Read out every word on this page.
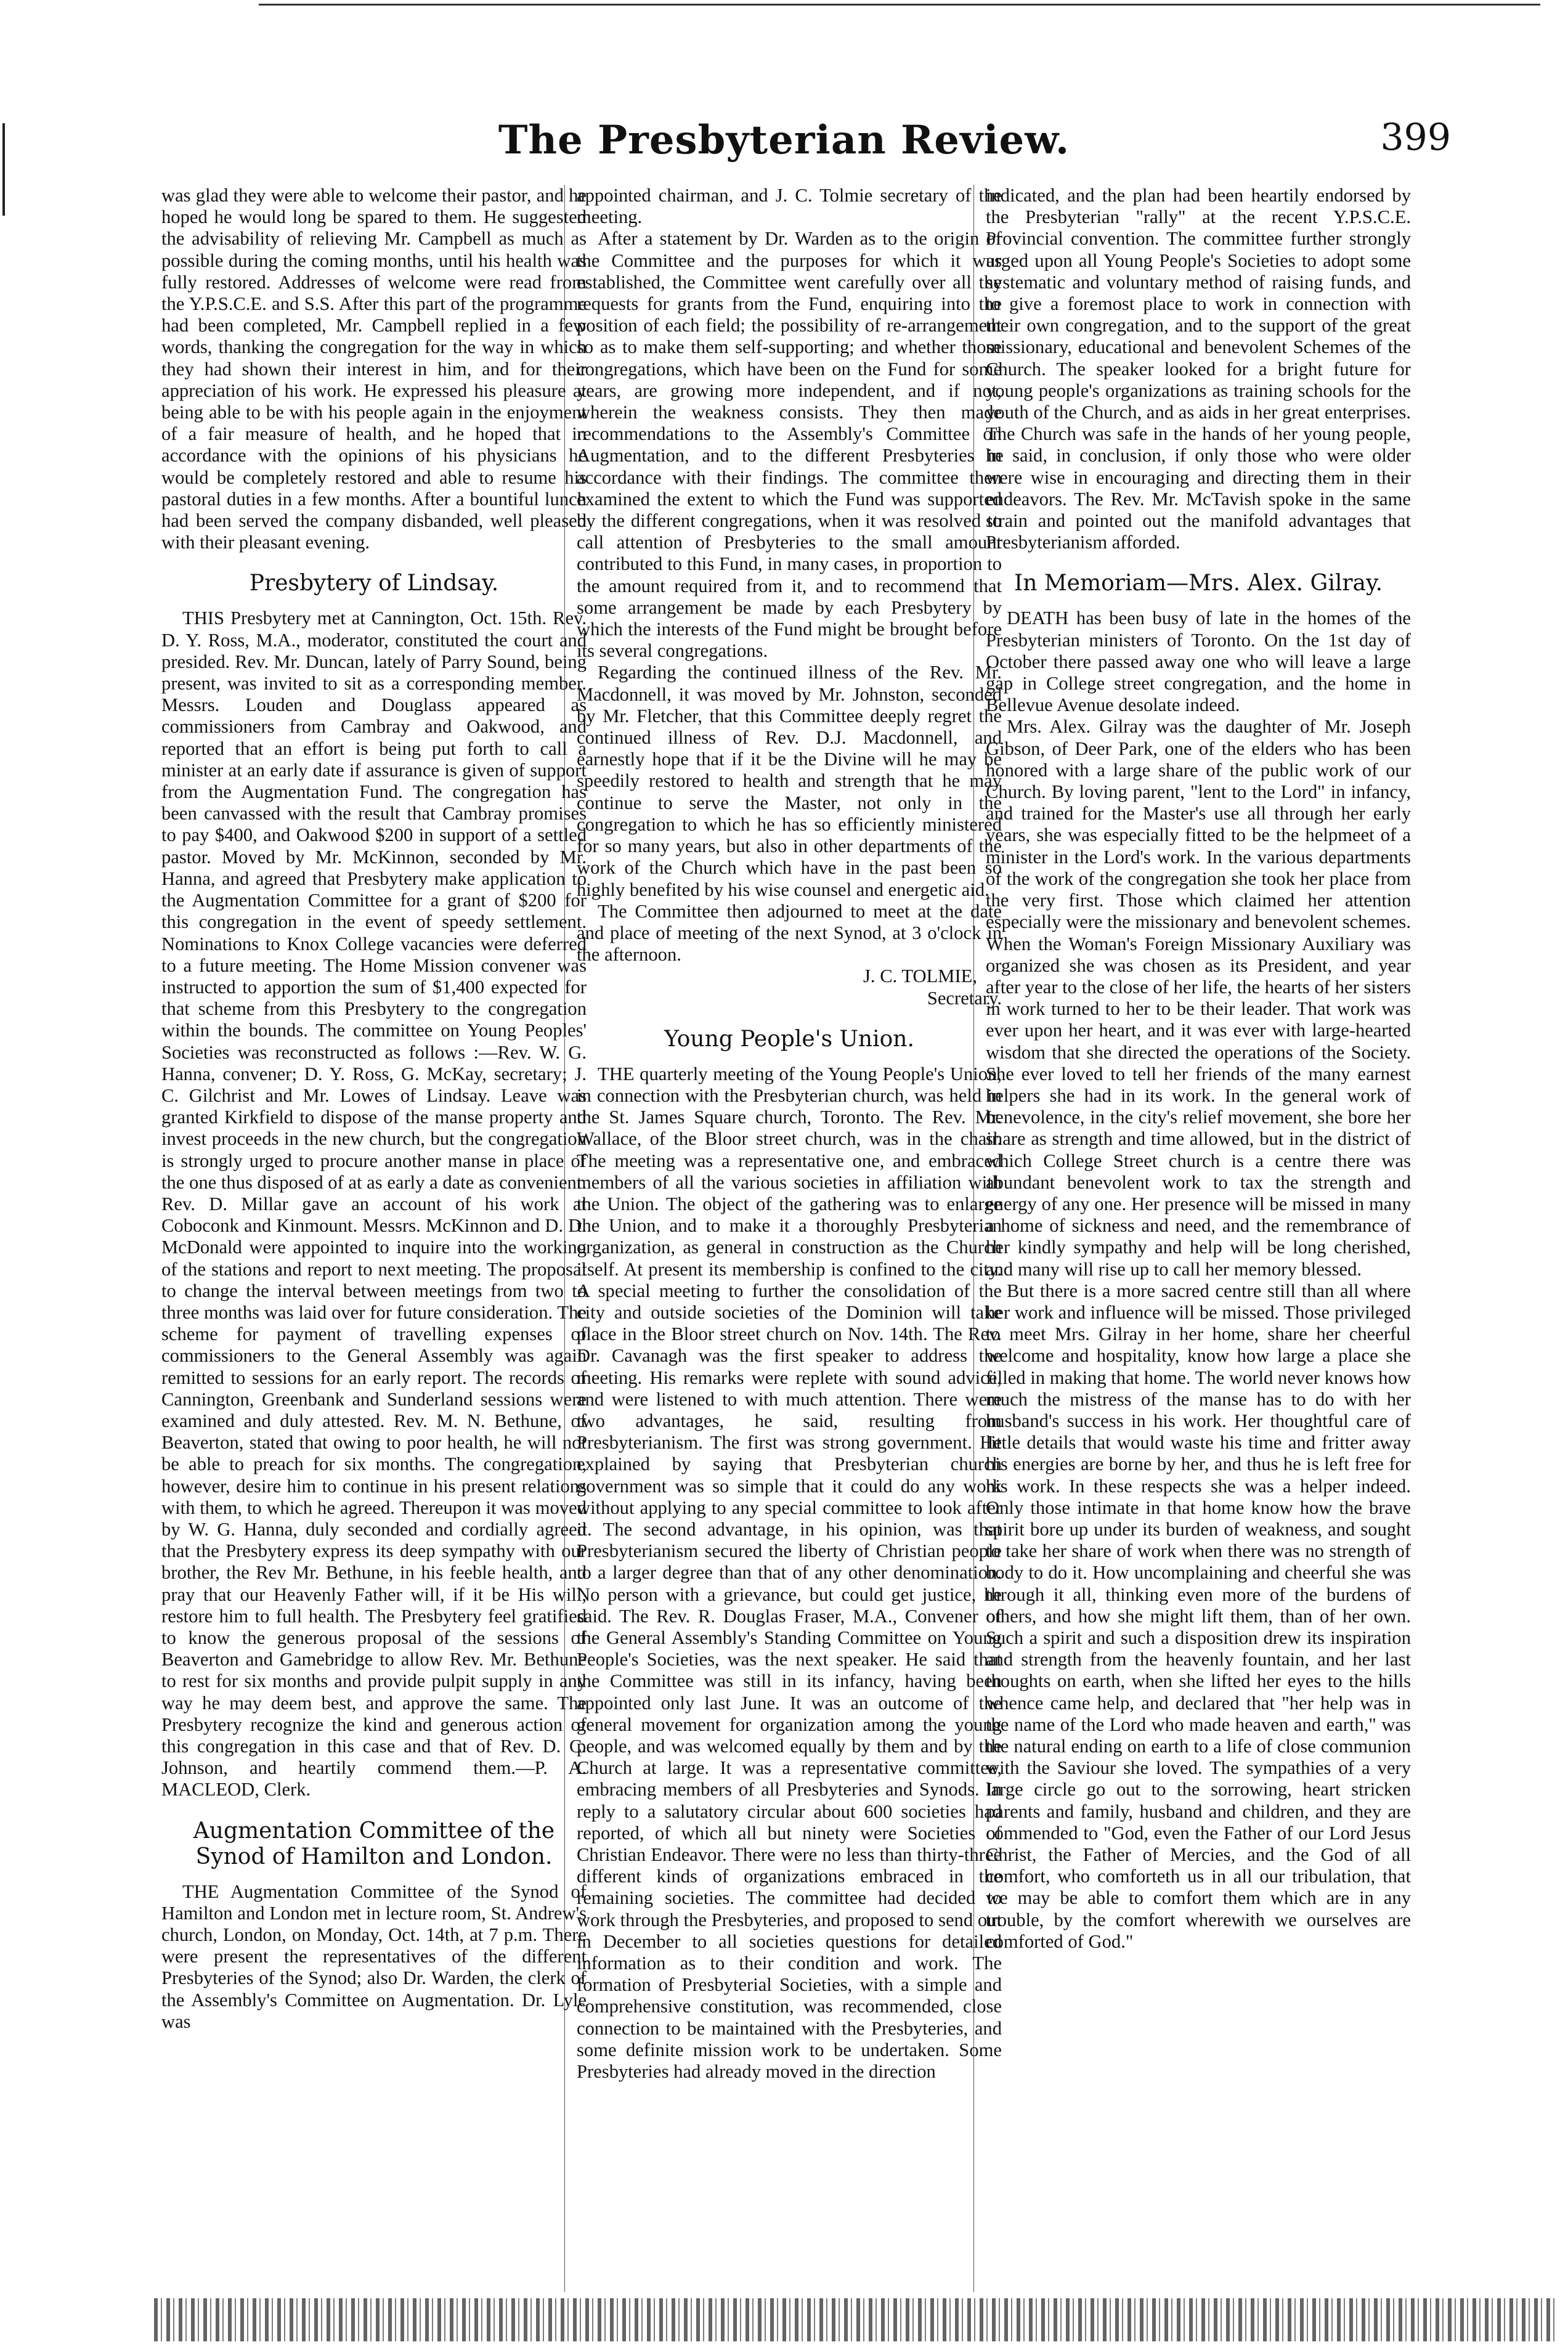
The Presbyterian Review.	399

was glad they were able to welcome their pastor, and he hoped he would long be spared to them. He suggested the advisability of relieving Mr. Campbell as much as possible during the coming months, until his health was fully restored. Addresses of welcome were read from the Y.P.S.C.E. and S.S. After this part of the programme had been completed, Mr. Campbell replied in a few words, thanking the congregation for the way in which they had shown their interest in him, and for their appreciation of his work. He expressed his pleasure at being able to be with his people again in the enjoyment of a fair measure of health, and he hoped that in accordance with the opinions of his physicians he would be completely restored and able to resume his pastoral duties in a few months. After a bountiful lunch had been served the company disbanded, well pleased with their pleasant evening.

Presbytery of Lindsay.

THIS Presbytery met at Cannington, Oct. 15th. Rev. D. Y. Ross, M.A., moderator, constituted the court and presided. Rev. Mr. Duncan, lately of Parry Sound, being present, was invited to sit as a corresponding member. Messrs. Louden and Douglass appeared as commissioners from Cambray and Oakwood, and reported that an effort is being put forth to call a minister at an early date if assurance is given of support from the Augmentation Fund. The congregation has been canvassed with the result that Cambray promises to pay $400, and Oakwood $200 in support of a settled pastor. Moved by Mr. McKinnon, seconded by Mr. Hanna, and agreed that Presbytery make application to the Augmentation Committee for a grant of $200 for this congregation in the event of speedy settlement. Nominations to Knox College vacancies were deferred to a future meeting. The Home Mission convener was instructed to apportion the sum of $1,400 expected for that scheme from this Presbytery to the congregation within the bounds. The committee on Young Peoples' Societies was reconstructed as follows :—Rev. W. G. Hanna, convener; D. Y. Ross, G. McKay, secretary; J. C. Gilchrist and Mr. Lowes of Lindsay. Leave was granted Kirkfield to dispose of the manse property and invest proceeds in the new church, but the congregation is strongly urged to procure another manse in place of the one thus disposed of at as early a date as convenient. Rev. D. Millar gave an account of his work at Coboconk and Kinmount. Messrs. McKinnon and D. D. McDonald were appointed to inquire into the working of the stations and report to next meeting. The proposal to change the interval between meetings from two to three months was laid over for future consideration. The scheme for payment of travelling expenses of commissioners to the General Assembly was again remitted to sessions for an early report. The records of Cannington, Greenbank and Sunderland sessions were examined and duly attested. Rev. M. N. Bethune, of Beaverton, stated that owing to poor health, he will not be able to preach for six months. The congregation, however, desire him to continue in his present relations with them, to which he agreed. Thereupon it was moved by W. G. Hanna, duly seconded and cordially agreed that the Presbytery express its deep sympathy with our brother, the Rev Mr. Bethune, in his feeble health, and pray that our Heavenly Father will, if it be His will, restore him to full health. The Presbytery feel gratified to know the generous proposal of the sessions of Beaverton and Gamebridge to allow Rev. Mr. Bethune to rest for six months and provide pulpit supply in any way he may deem best, and approve the same. The Presbytery recognize the kind and generous action of this congregation in this case and that of Rev. D. C. Johnson, and heartily commend them.—P. A. MACLEOD, Clerk.

Augmentation Committee of the Synod of Hamilton and London.

THE Augmentation Committee of the Synod of Hamilton and London met in lecture room, St. Andrew's church, London, on Monday, Oct. 14th, at 7 p.m. There were present the representatives of the different Presbyteries of the Synod; also Dr. Warden, the clerk of the Assembly's Committee on Augmentation. Dr. Lyle was

appointed chairman, and J. C. Tolmie secretary of the meeting.

After a statement by Dr. Warden as to the origin of the Committee and the purposes for which it was established, the Committee went carefully over all the requests for grants from the Fund, enquiring into the position of each field; the possibility of re-arrangement so as to make them self-supporting; and whether those congregations, which have been on the Fund for some years, are growing more independent, and if not, wherein the weakness consists. They then made recommendations to the Assembly's Committee on Augmentation, and to the different Presbyteries in accordance with their findings. The committee then examined the extent to which the Fund was supported by the different congregations, when it was resolved to call attention of Presbyteries to the small amount contributed to this Fund, in many cases, in proportion to the amount required from it, and to recommend that some arrangement be made by each Presbytery by which the interests of the Fund might be brought before its several congregations.

Regarding the continued illness of the Rev. Mr. Macdonnell, it was moved by Mr. Johnston, seconded by Mr. Fletcher, that this Committee deeply regret the continued illness of Rev. D.J. Macdonnell, and earnestly hope that if it be the Divine will he may be speedily restored to health and strength that he may continue to serve the Master, not only in the congregation to which he has so efficiently ministered for so many years, but also in other departments of the work of the Church which have in the past been so highly benefited by his wise counsel and energetic aid.

The Committee then adjourned to meet at the date and place of meeting of the next Synod, at 3 o'clock in the afternoon.

J. C. TOLMIE,

Secretary.

Young People's Union.

THE quarterly meeting of the Young People's Union, in connection with the Presbyterian church, was held in the St. James Square church, Toronto. The Rev. Mr. Wallace, of the Bloor street church, was in the chair. The meeting was a representative one, and embraced members of all the various societies in affiliation with the Union. The object of the gathering was to enlarge the Union, and to make it a thoroughly Presbyterian organization, as general in construction as the Church itself. At present its membership is confined to the city. A special meeting to further the consolidation of the city and outside societies of the Dominion will take place in the Bloor street church on Nov. 14th. The Rev. Dr. Cavanagh was the first speaker to address the meeting. His remarks were replete with sound advice, and were listened to with much attention. There were two advantages, he said, resulting from Presbyterianism. The first was strong government. He explained by saying that Presbyterian church government was so simple that it could do any work without applying to any special committee to look after it. The second advantage, in his opinion, was that Presbyterianism secured the liberty of Christian people to a larger degree than that of any other denomination. No person with a grievance, but could get justice, he said. The Rev. R. Douglas Fraser, M.A., Convener of the General Assembly's Standing Committee on Young People's Societies, was the next speaker. He said that the Committee was still in its infancy, having been appointed only last June. It was an outcome of the general movement for organization among the young people, and was welcomed equally by them and by the Church at large. It was a representative committee, embracing members of all Presbyteries and Synods. In reply to a salutatory circular about 600 societies had reported, of which all but ninety were Societies of Christian Endeavor. There were no less than thirty-three different kinds of organizations embraced in the remaining societies. The committee had decided to work through the Presbyteries, and proposed to send out in December to all societies questions for detailed information as to their condition and work. The formation of Presbyterial Societies, with a simple and comprehensive constitution, was recommended, close connection to be maintained with the Presbyteries, and some definite mission work to be undertaken. Some Presbyteries had already moved in the direction

indicated, and the plan had been heartily endorsed by the Presbyterian "rally" at the recent Y.P.S.C.E. Provincial convention. The committee further strongly urged upon all Young People's Societies to adopt some systematic and voluntary method of raising funds, and to give a foremost place to work in connection with their own congregation, and to the support of the great missionary, educational and benevolent Schemes of the Church. The speaker looked for a bright future for young people's organizations as training schools for the youth of the Church, and as aids in her great enterprises. The Church was safe in the hands of her young people, he said, in conclusion, if only those who were older were wise in encouraging and directing them in their endeavors. The Rev. Mr. McTavish spoke in the same strain and pointed out the manifold advantages that Presbyterianism afforded.

In Memoriam—Mrs. Alex. Gilray.

DEATH has been busy of late in the homes of the Presbyterian ministers of Toronto. On the 1st day of October there passed away one who will leave a large gap in College street congregation, and the home in Bellevue Avenue desolate indeed.

Mrs. Alex. Gilray was the daughter of Mr. Joseph Gibson, of Deer Park, one of the elders who has been honored with a large share of the public work of our Church. By loving parent, "lent to the Lord" in infancy, and trained for the Master's use all through her early years, she was especially fitted to be the helpmeet of a minister in the Lord's work. In the various departments of the work of the congregation she took her place from the very first. Those which claimed her attention especially were the missionary and benevolent schemes. When the Woman's Foreign Missionary Auxiliary was organized she was chosen as its President, and year after year to the close of her life, the hearts of her sisters in work turned to her to be their leader. That work was ever upon her heart, and it was ever with large-hearted wisdom that she directed the operations of the Society. She ever loved to tell her friends of the many earnest helpers she had in its work. In the general work of benevolence, in the city's relief movement, she bore her share as strength and time allowed, but in the district of which College Street church is a centre there was abundant benevolent work to tax the strength and energy of any one. Her presence will be missed in many a home of sickness and need, and the remembrance of her kindly sympathy and help will be long cherished, and many will rise up to call her memory blessed.

But there is a more sacred centre still than all where her work and influence will be missed. Those privileged to meet Mrs. Gilray in her home, share her cheerful welcome and hospitality, know how large a place she filled in making that home. The world never knows how much the mistress of the manse has to do with her husband's success in his work. Her thoughtful care of little details that would waste his time and fritter away his energies are borne by her, and thus he is left free for his work. In these respects she was a helper indeed. Only those intimate in that home know how the brave spirit bore up under its burden of weakness, and sought to take her share of work when there was no strength of body to do it. How uncomplaining and cheerful she was through it all, thinking even more of the burdens of others, and how she might lift them, than of her own. Such a spirit and such a disposition drew its inspiration and strength from the heavenly fountain, and her last thoughts on earth, when she lifted her eyes to the hills whence came help, and declared that "her help was in the name of the Lord who made heaven and earth," was the natural ending on earth to a life of close communion with the Saviour she loved. The sympathies of a very large circle go out to the sorrowing, heart stricken parents and family, husband and children, and they are commended to "God, even the Father of our Lord Jesus Christ, the Father of Mercies, and the God of all comfort, who comforteth us in all our tribulation, that we may be able to comfort them which are in any trouble, by the comfort wherewith we ourselves are comforted of God."
